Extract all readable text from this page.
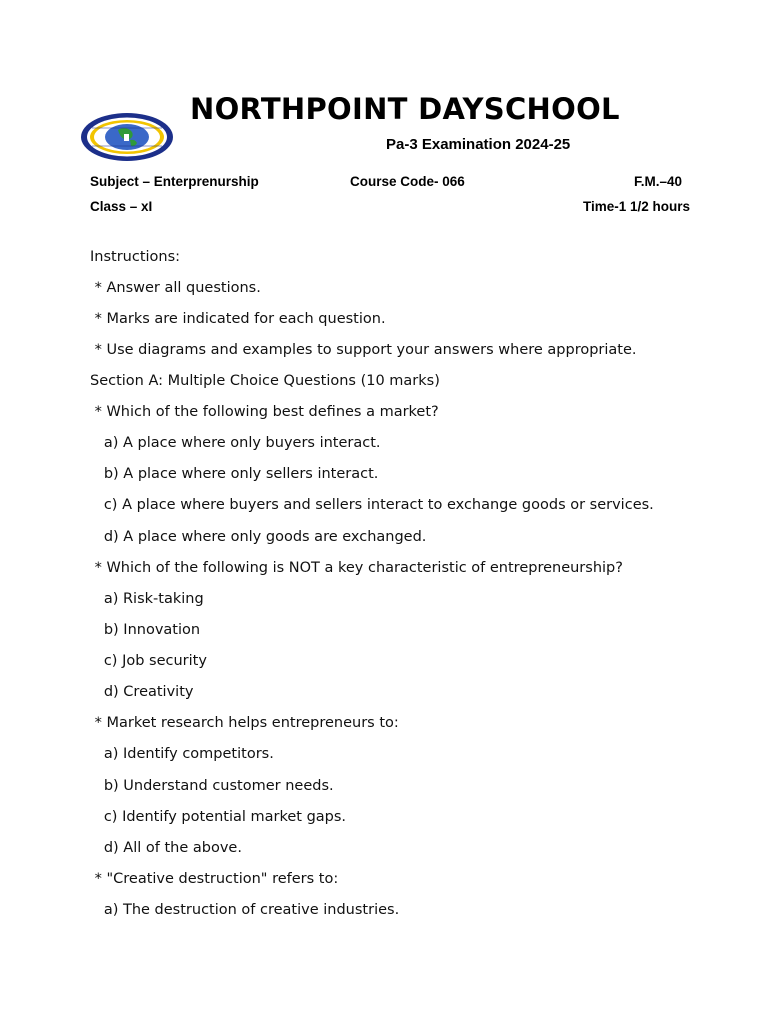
NORTHPOINT DAYSCHOOL
Pa-3 Examination 2024-25
Subject – Enterprenurship	Course Code- 066	F.M.–40
Class – xI	Time-1 1/2 hours
Instructions:
* Answer all questions.
* Marks are indicated for each question.
* Use diagrams and examples to support your answers where appropriate.
Section A: Multiple Choice Questions (10 marks)
* Which of the following best defines a market?
a) A place where only buyers interact.
b) A place where only sellers interact.
c) A place where buyers and sellers interact to exchange goods or services.
d) A place where only goods are exchanged.
* Which of the following is NOT a key characteristic of entrepreneurship?
a) Risk-taking
b) Innovation
c) Job security
d) Creativity
* Market research helps entrepreneurs to:
a) Identify competitors.
b) Understand customer needs.
c) Identify potential market gaps.
d) All of the above.
* "Creative destruction" refers to:
a) The destruction of creative industries.
